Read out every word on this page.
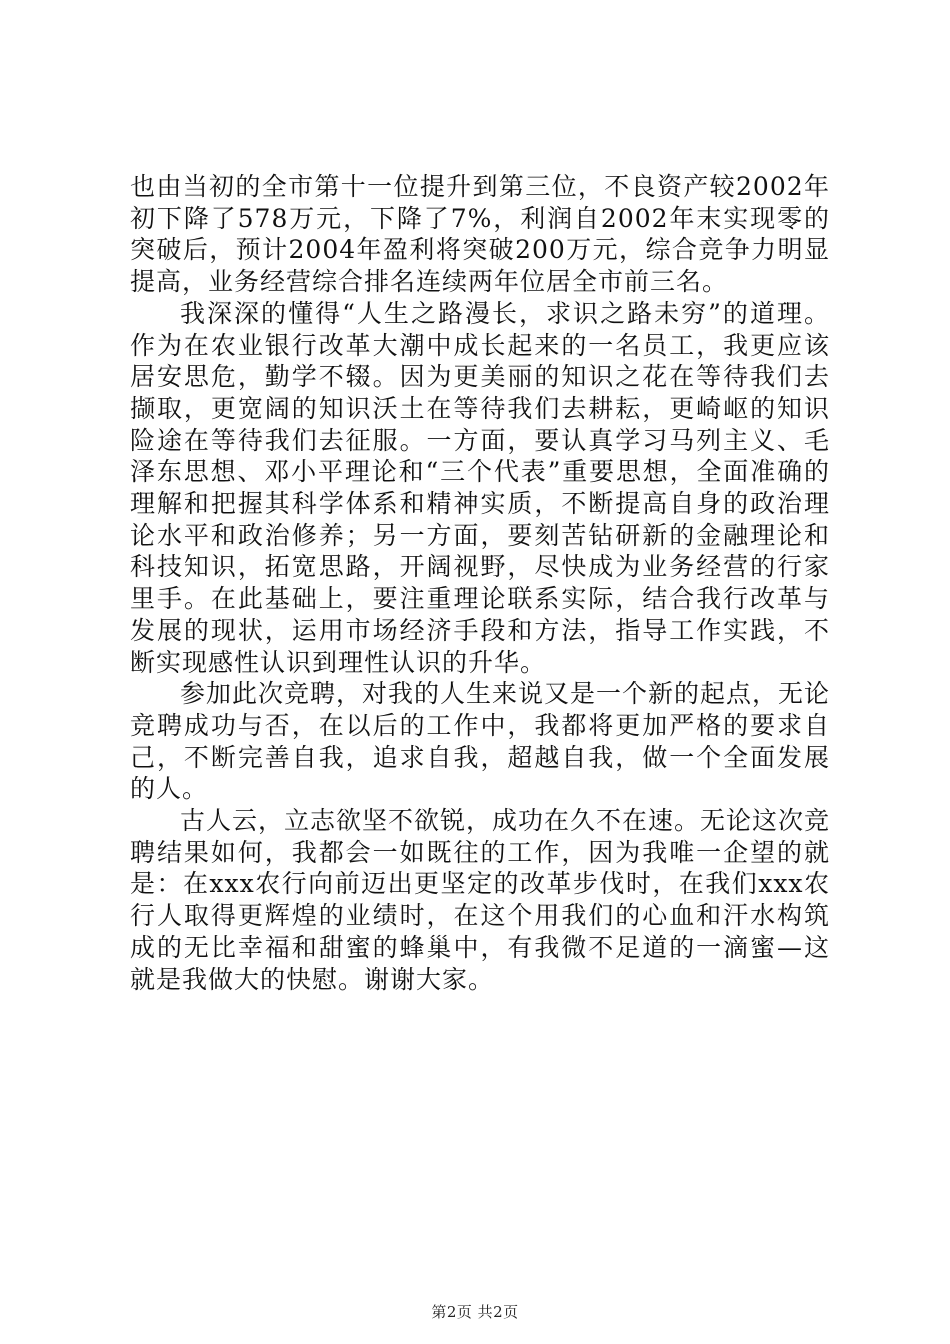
也由当初的全市第十一位提升到第三位，不良资产较2002年初下降了578万元，下降了7%，利润自2002年末实现零的突破后，预计2004年盈利将突破200万元，综合竞争力明显提高，业务经营综合排名连续两年位居全市前三名。

我深深的懂得“人生之路漫长，求识之路未穷”的道理。作为在农业银行改革大潮中成长起来的一名员工，我更应该居安思危，勤学不辍。因为更美丽的知识之花在等待我们去撷取，更宽阔的知识沃土在等待我们去耕耘，更崎岖的知识险途在等待我们去征服。一方面，要认真学习马列主义、毛泽东思想、邓小平理论和“三个代表”重要思想，全面准确的理解和把握其科学体系和精神实质，不断提高自身的政治理论水平和政治修养；另一方面，要刻苦钻研新的金融理论和科技知识，拓宽思路，开阔视野，尽快成为业务经营的行家里手。在此基础上，要注重理论联系实际，结合我行改革与发展的现状，运用市场经济手段和方法，指导工作实践，不断实现感性认识到理性认识的升华。

参加此次竞聘，对我的人生来说又是一个新的起点，无论竞聘成功与否，在以后的工作中，我都将更加严格的要求自己，不断完善自我，追求自我，超越自我，做一个全面发展的人。

古人云，立志欲坚不欲锐，成功在久不在速。无论这次竞聘结果如何，我都会一如既往的工作，因为我唯一企望的就是：在xxx农行向前迈出更坚定的改革步伐时，在我们xxx农行人取得更辉煌的业绩时，在这个用我们的心血和汗水构筑成的无比幸福和甜蜜的蜂巢中，有我微不足道的一滴蜜—这就是我做大的快慰。谢谢大家。

第2页 共2页
